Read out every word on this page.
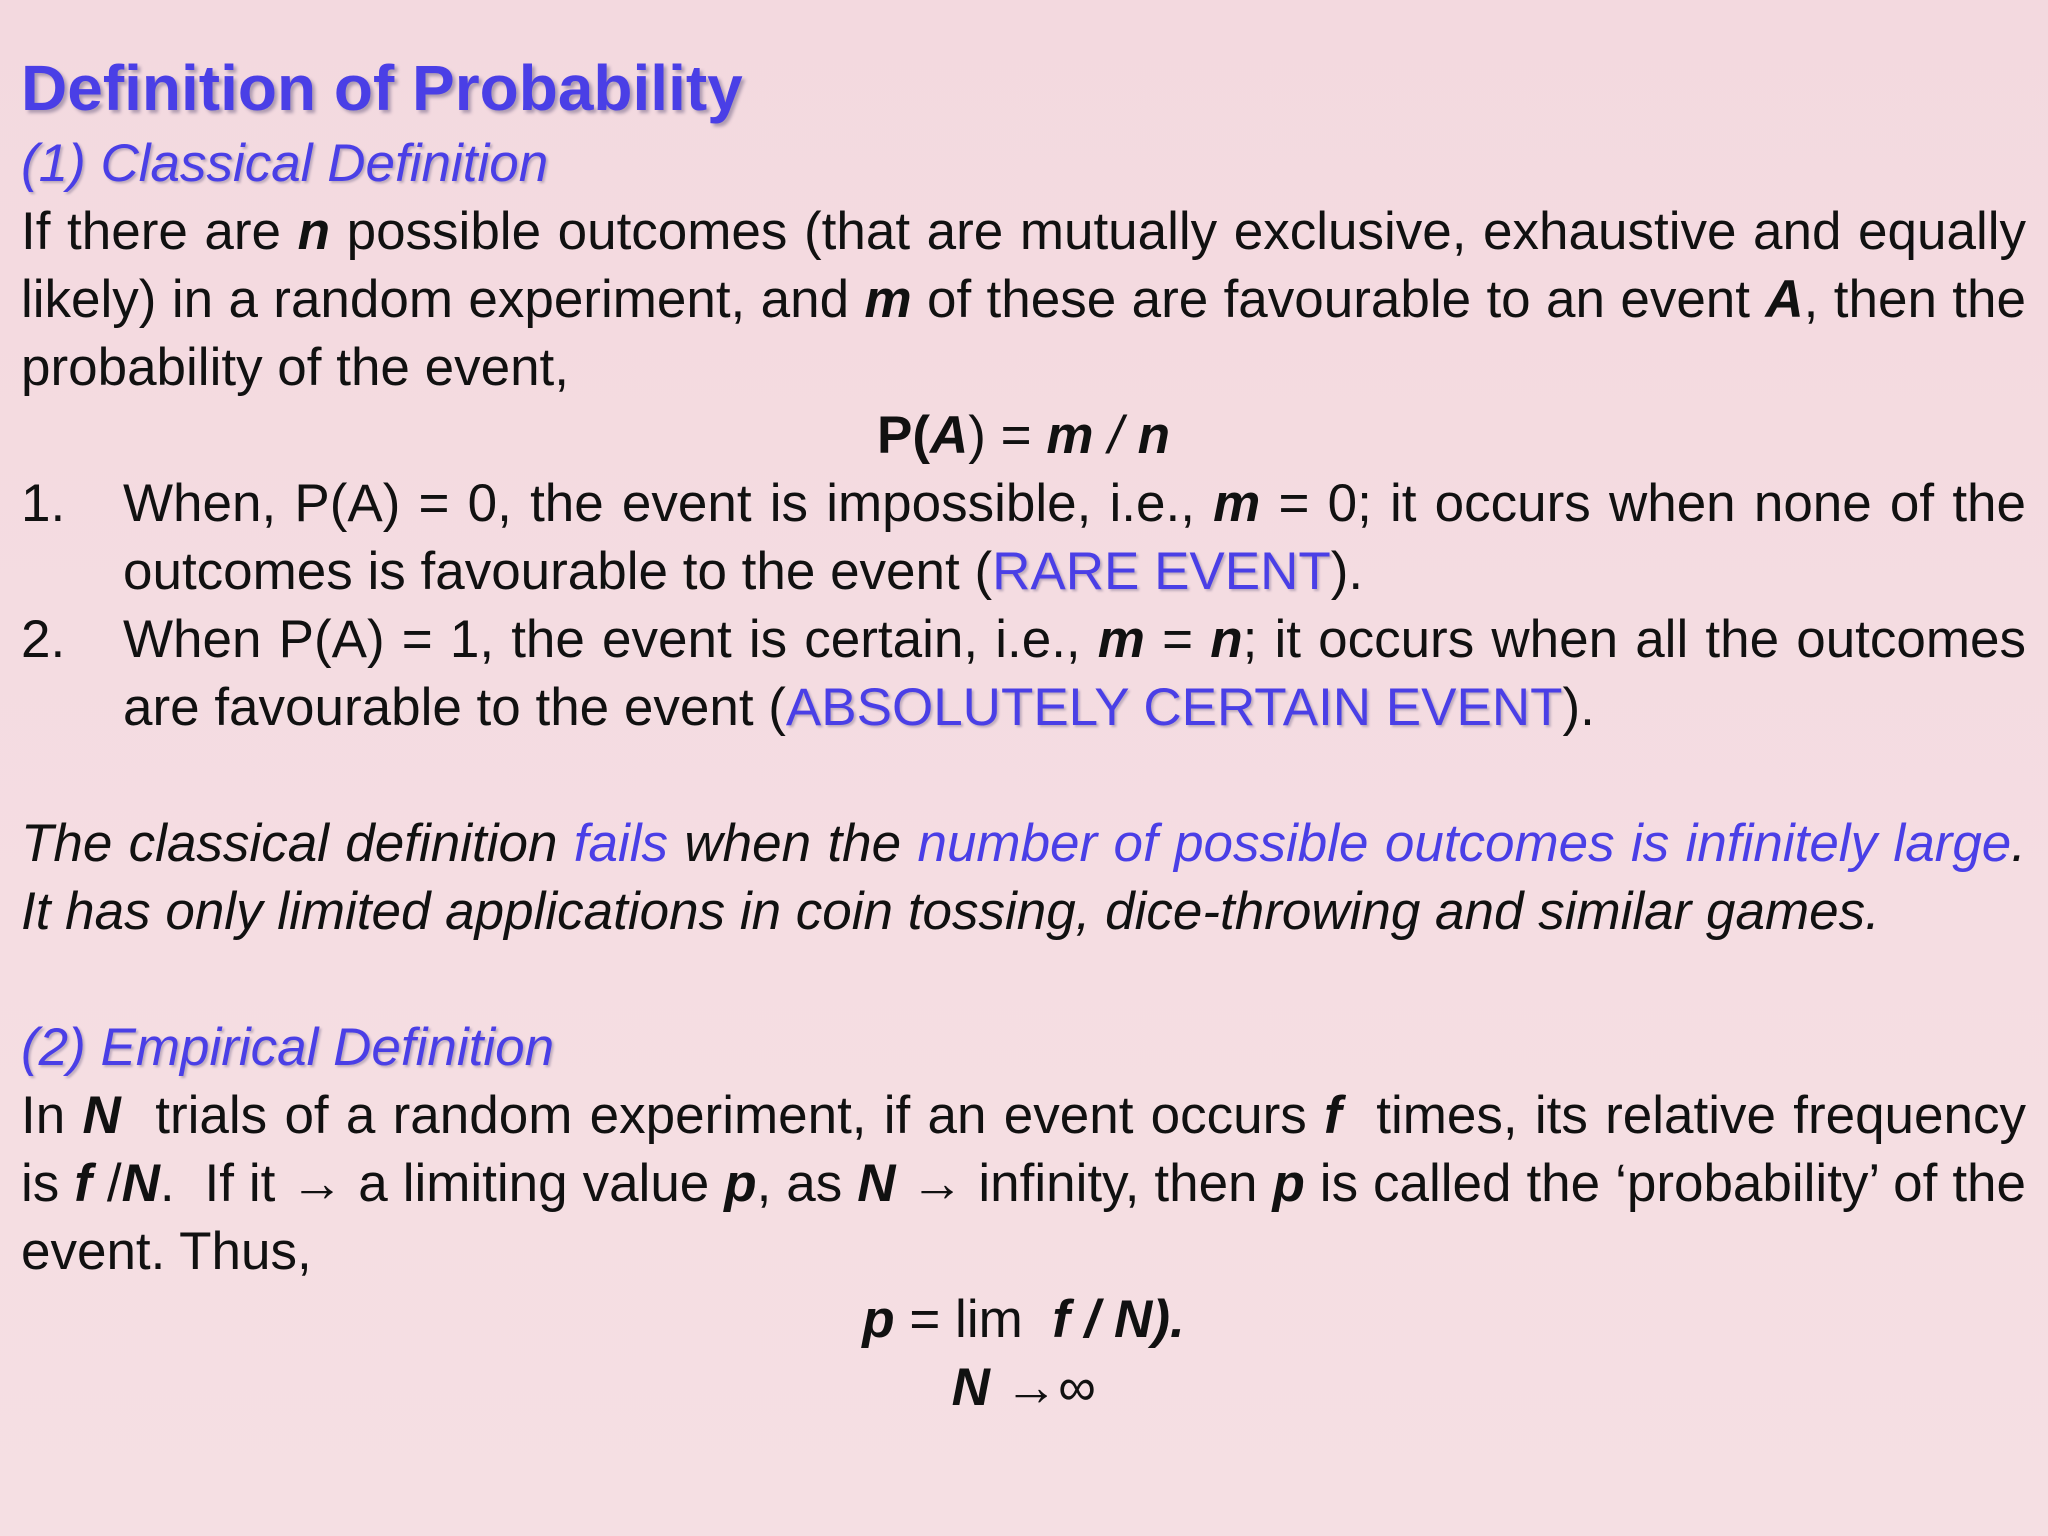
Definition of Probability
(1) Classical Definition
If there are n possible outcomes (that are mutually exclusive, exhaustive and equally likely) in a random experiment, and m of these are favourable to an event A, then the probability of the event,
P(A) = m / n
1.	When, P(A) = 0, the event is impossible, i.e., m = 0; it occurs when none of the outcomes is favourable to the event (RARE EVENT).
2.	When P(A) = 1, the event is certain, i.e., m = n; it occurs when all the outcomes are favourable to the event (ABSOLUTELY CERTAIN EVENT).
The classical definition fails when the number of possible outcomes is infinitely large. It has only limited applications in coin tossing, dice-throwing and similar games.
(2) Empirical Definition
In N  trials of a random experiment, if an event occurs f  times, its relative frequency is f /N.  If it → a limiting value p, as N → infinity, then p is called the ‘probability’ of the event. Thus,
p = lim  f / N).
N →∞
